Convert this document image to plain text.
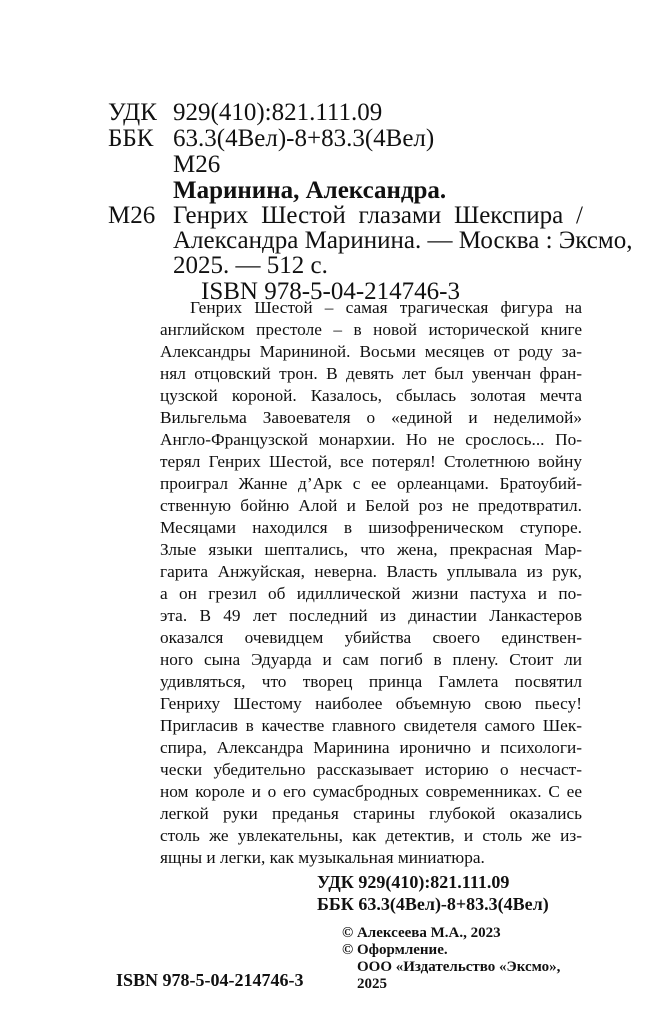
УДК 929(410):821.111.09
ББК 63.3(4Вел)-8+83.3(4Вел)
М26
Маринина, Александра.
М26 Генрих Шестой глазами Шекспира /
Александра Маринина. — Москва : Эксмо,
2025. — 512 с.
ISBN 978-5-04-214746-3
Генрих Шестой – самая трагическая фигура на
английском престоле – в новой исторической книге
Александры Марининой. Восьми месяцев от роду за-
нял отцовский трон. В девять лет был увенчан фран-
цузской короной. Казалось, сбылась золотая мечта
Вильгельма Завоевателя о «единой и неделимой»
Англо-Французской монархии. Но не срослось... По-
терял Генрих Шестой, все потерял! Столетнюю войну
проиграл Жанне д’Арк с ее орлеанцами. Братоубий-
ственную бойню Алой и Белой роз не предотвратил.
Месяцами находился в шизофреническом ступоре.
Злые языки шептались, что жена, прекрасная Мар-
гарита Анжуйская, неверна. Власть уплывала из рук,
а он грезил об идиллической жизни пастуха и по-
эта. В 49 лет последний из династии Ланкастеров
оказался очевидцем убийства своего единствен-
ного сына Эдуарда и сам погиб в плену. Стоит ли
удивляться, что творец принца Гамлета посвятил
Генриху Шестому наиболее объемную свою пьесу!
Пригласив в качестве главного свидетеля самого Шек-
спира, Александра Маринина иронично и психологи-
чески убедительно рассказывает историю о несчаст-
ном короле и о его сумасбродных современниках. С ее
легкой руки преданья старины глубокой оказались
столь же увлекательны, как детектив, и столь же из-
ящны и легки, как музыкальная миниатюра.
УДК 929(410):821.111.09
ББК 63.3(4Вел)-8+83.3(4Вел)
© Алексеева М.А., 2023
© Оформление.
ООО «Издательство «Эксмо»,
ISBN 978-5-04-214746-3	2025
